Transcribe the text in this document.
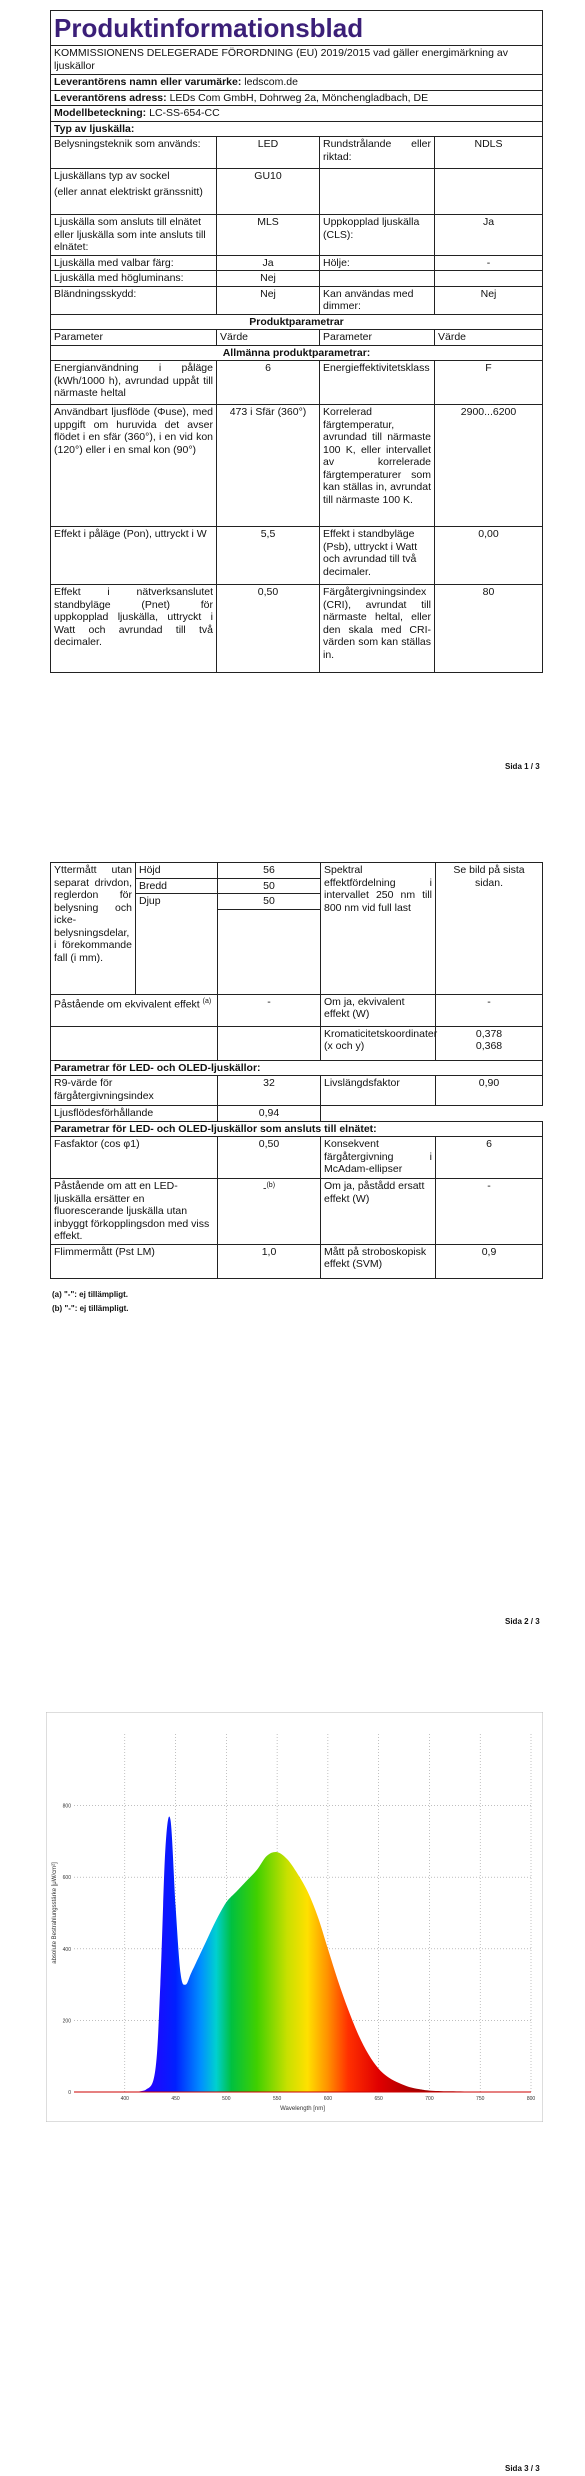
Produktinformationsblad			
KOMMISSIONENS DELEGERADE FÖRORDNING (EU) 2019/2015 vad gäller energimärkning av ljuskällor			
Leverantörens namn eller varumärke: ledscom.de			
Leverantörens adress: LEDs Com GmbH, Dohrweg 2a, Mönchengladbach, DE			
Modellbeteckning: LC-SS-654-CC			
Typ av ljuskälla:			
Belysningsteknik som används:	LED	Rundstrålande eller riktad:	NDLS

Ljuskällans typ av sockel
(eller annat elektriskt gränssnitt)	GU10		
Ljuskälla som ansluts till elnätet eller ljuskälla som inte ansluts till elnätet:	MLS	Uppkopplad ljuskälla (CLS):	Ja
Ljuskälla med valbar färg:	Ja	Hölje:	-
Ljuskälla med högluminans:	Nej		
Bländningsskydd:	Nej	Kan användas med dimmer:	Nej
Produktparametrar			
Parameter	Värde	Parameter	Värde
Allmänna produktparametrar:			
Energianvändning i påläge (kWh/1000 h), avrundad uppåt till närmaste heltal	6	Energieffektivitetsklass	F
Användbart ljusflöde (Φuse), med uppgift om huruvida det avser flödet i en sfär (360°), i en vid kon (120°) eller i en smal kon (90°)	473 i Sfär (360°)	Korrelerad färgtemperatur, avrundad till närmaste 100 K, eller intervallet av korrelerade färgtemperaturer som kan ställas in, avrundat till närmaste 100 K.	2900...6200
Effekt i påläge (Pon), uttryckt i W	5,5	Effekt i standbyläge (Psb), uttryckt i Watt och avrundad till två decimaler.	0,00
Effekt i nätverksanslutet standbyläge (Pnet) för uppkopplad ljuskälla, uttryckt i Watt och avrundad till två decimaler.	0,50	Färgåtergivningsindex (CRI), avrundat till närmaste heltal, eller den skala med CRI-värden som kan ställas in.	80
Sida 1 / 3
Yttermått utan separat drivdon, reglerdon för belysning och icke-belysningsdelar, i förekommande fall (i mm).	Höjd	56	Spektral effektfördelning i intervallet 250 nm till 800 nm vid full last	Se bild på sista sidan.
	Bredd	50		
	Djup	50		

Påstående om ekvivalent effekt $^{(a)}$		-	Om ja, ekvivalent effekt (W)	-
			Kromaticitetskoordinater (x och y)	0,378
0,368

Parametrar för LED- och OLED-ljuskällor:				
R9-värde för färgåtergivningsindex		32	Livslängdsfaktor	0,90
Ljusflödesförhållande		0,94		
Parametrar för LED- och OLED-ljuskällor som ansluts till elnätet:				
Fasfaktor (cos φ1)		0,50	Konsekvent färgåtergivning i McAdam-ellipser	6
Påstående om att en LED-ljuskälla ersätter en fluorescerande ljuskälla utan inbyggt förkopplingsdon med viss effekt.		-$^{(b)}$	Om ja, påstådd ersatt effekt (W)	-
Flimmermått (Pst LM)		1,0	Mått på stroboskopisk effekt (SVM)	0,9
(a) "-": ej tillämpligt.
(b) "-": ej tillämpligt.
Sida 2 / 3
400	450	500	550	600	650	700	750	800
0
200
400
600
800
absolute Bestrahlungsstärke [μW/cm²]
Wavelength [nm]
Sida 3 / 3
